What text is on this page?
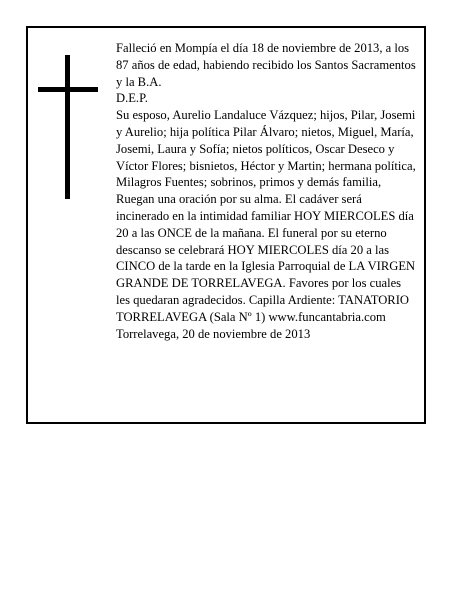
Falleció en Mompía el día 18 de noviembre de 2013, a los 87 años de edad, habiendo recibido los Santos Sacramentos y la B.A.

D.E.P.

Su esposo, Aurelio Landaluce Vázquez; hijos, Pilar, Josemi y Aurelio; hija política Pilar Álvaro; nietos, Miguel, María, Josemi, Laura y Sofía; nietos políticos, Oscar Deseco y Víctor Flores; bisnietos, Héctor y Martin; hermana política, Milagros Fuentes; sobrinos, primos y demás familia,

Ruegan una oración por su alma. El cadáver será incinerado en la intimidad familiar HOY MIERCOLES día 20 a las ONCE de la mañana. El funeral por su eterno descanso se celebrará HOY MIERCOLES día 20 a las CINCO de la tarde en la Iglesia Parroquial de LA VIRGEN GRANDE DE TORRELAVEGA. Favores por los cuales les quedaran agradecidos. Capilla Ardiente: TANATORIO TORRELAVEGA (Sala Nº 1) www.funcantabria.com Torrelavega, 20 de noviembre de 2013
